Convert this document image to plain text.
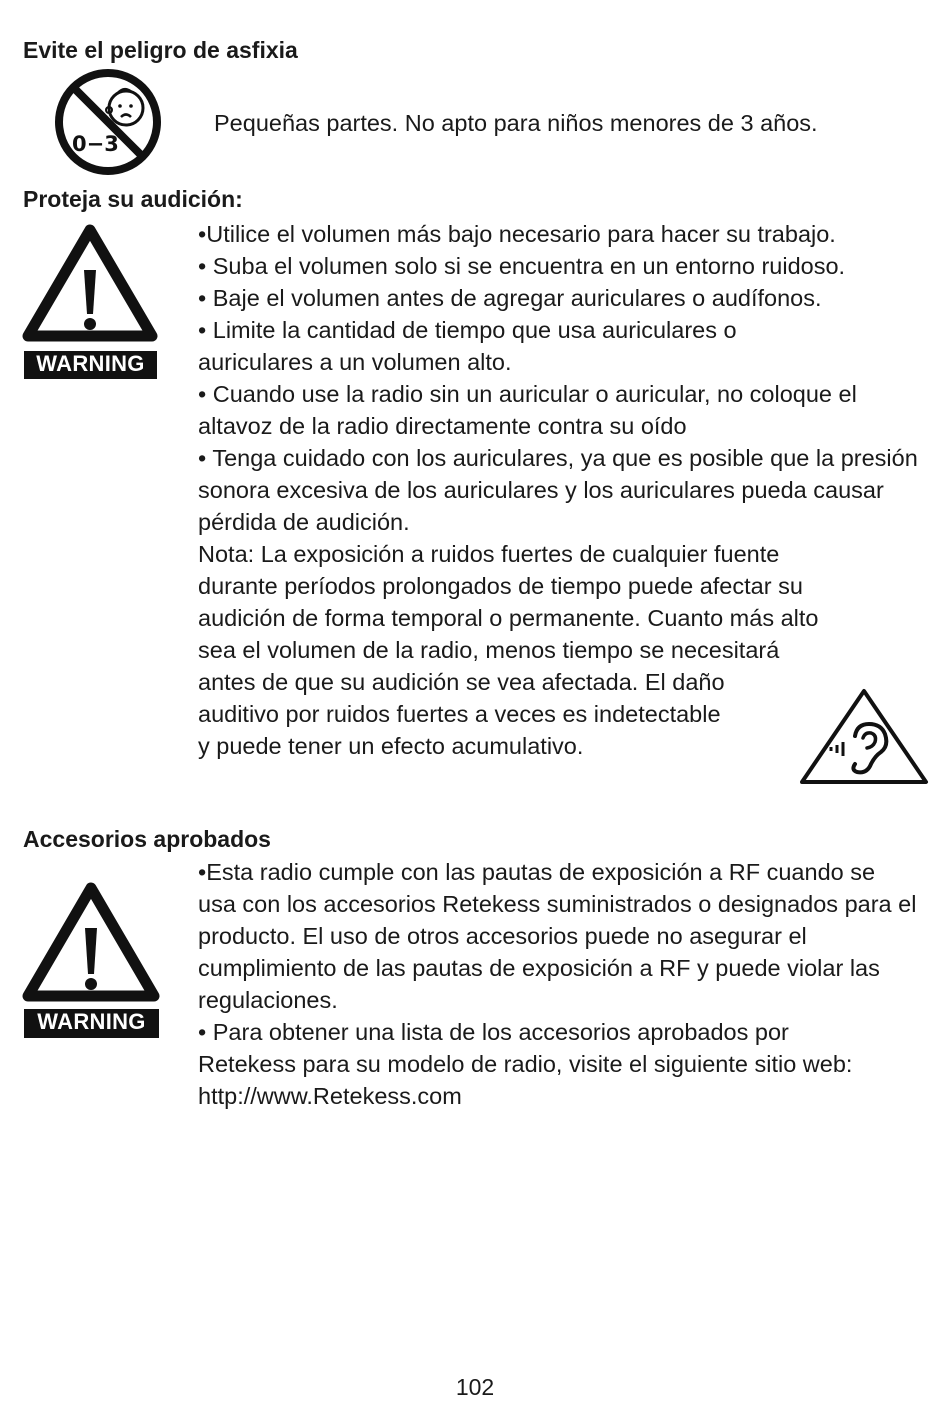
Evite el peligro de asfixia
0−3
Pequeñas partes. No apto para niños menores de 3 años.
Proteja su audición:
WARNING

•Utilice el volumen más bajo necesario para hacer su trabajo.

• Suba el volumen solo si se encuentra en un entorno ruidoso.

• Baje el volumen antes de agregar auriculares o audífonos.

• Limite la cantidad de tiempo que usa auriculares o auriculares a un volumen alto.

• Cuando use la radio sin un auricular o auricular, no coloque el altavoz de la radio directamente contra su oído

• Tenga cuidado con los auriculares, ya que es posible que la presión sonora excesiva de los auriculares y los auriculares pueda causar pérdida de audición.

Nota: La exposición a ruidos fuertes de cualquier fuente
durante períodos prolongados de tiempo puede afectar su
audición de forma temporal o permanente. Cuanto más alto
sea el volumen de la radio, menos tiempo se necesitará
antes de que su audición se vea afectada. El daño
auditivo por ruidos fuertes a veces es indetectable
y puede tener un efecto acumulativo.
Accesorios aprobados
WARNING

•Esta radio cumple con las pautas de exposición a RF cuando se usa con los accesorios Retekess suministrados o designados para el producto. El uso de otros accesorios puede no asegurar el cumplimiento de las pautas de exposición a RF y puede violar las regulaciones.

• Para obtener una lista de los accesorios aprobados por Retekess para su modelo de radio, visite el siguiente sitio web: http://www.Retekess.com

102
